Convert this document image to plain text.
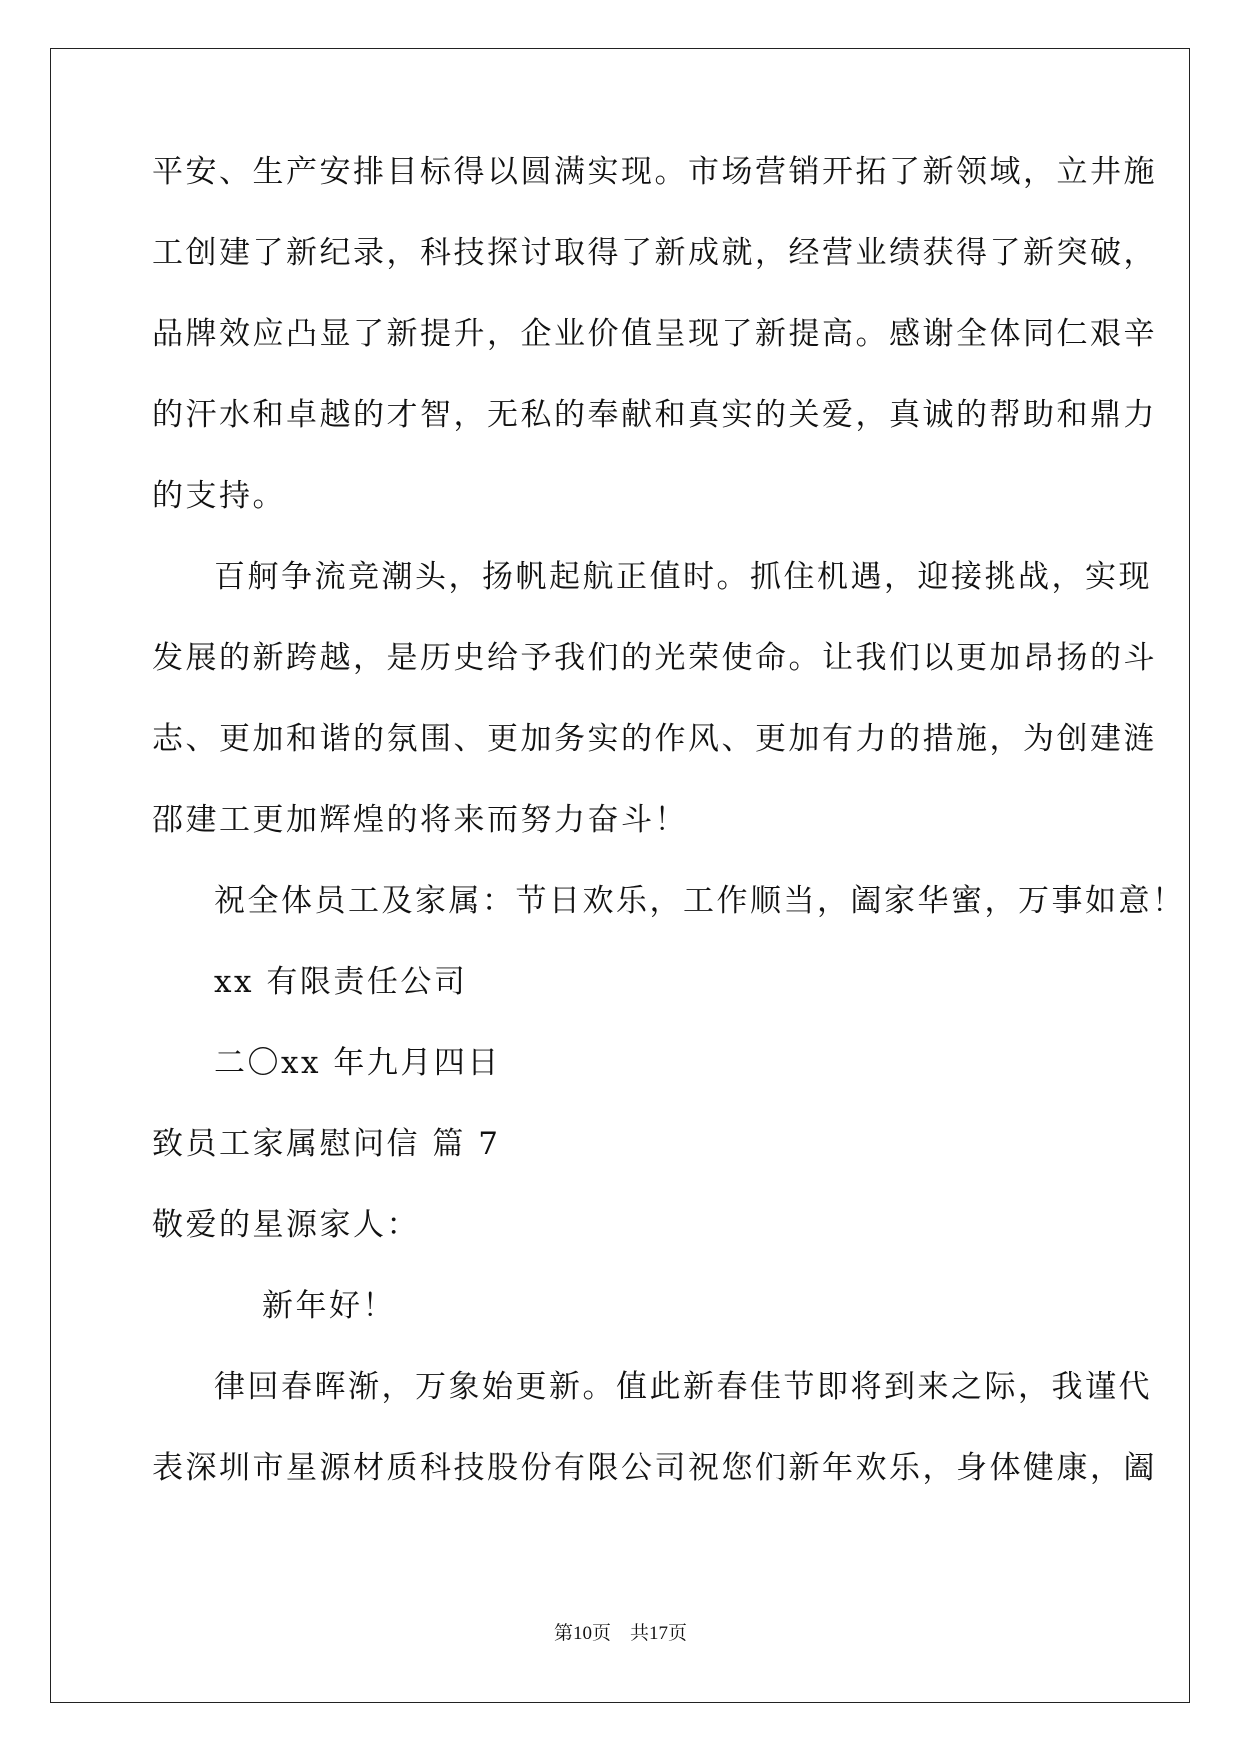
平安、生产安排目标得以圆满实现。市场营销开拓了新领域，立井施
工创建了新纪录，科技探讨取得了新成就，经营业绩获得了新突破，
品牌效应凸显了新提升，企业价值呈现了新提高。感谢全体同仁艰辛
的汗水和卓越的才智，无私的奉献和真实的关爱，真诚的帮助和鼎力
的支持。
百舸争流竞潮头，扬帆起航正值时。抓住机遇，迎接挑战，实现
发展的新跨越，是历史给予我们的光荣使命。让我们以更加昂扬的斗
志、更加和谐的氛围、更加务实的作风、更加有力的措施，为创建涟
邵建工更加辉煌的将来而努力奋斗！
祝全体员工及家属：节日欢乐，工作顺当，阖家华蜜，万事如意！
xx 有限责任公司
二〇xx 年九月四日
致员工家属慰问信 篇 7
敬爱的星源家人：
新年好！
律回春晖渐，万象始更新。值此新春佳节即将到来之际，我谨代
表深圳市星源材质科技股份有限公司祝您们新年欢乐，身体健康，阖
第10页　共17页
